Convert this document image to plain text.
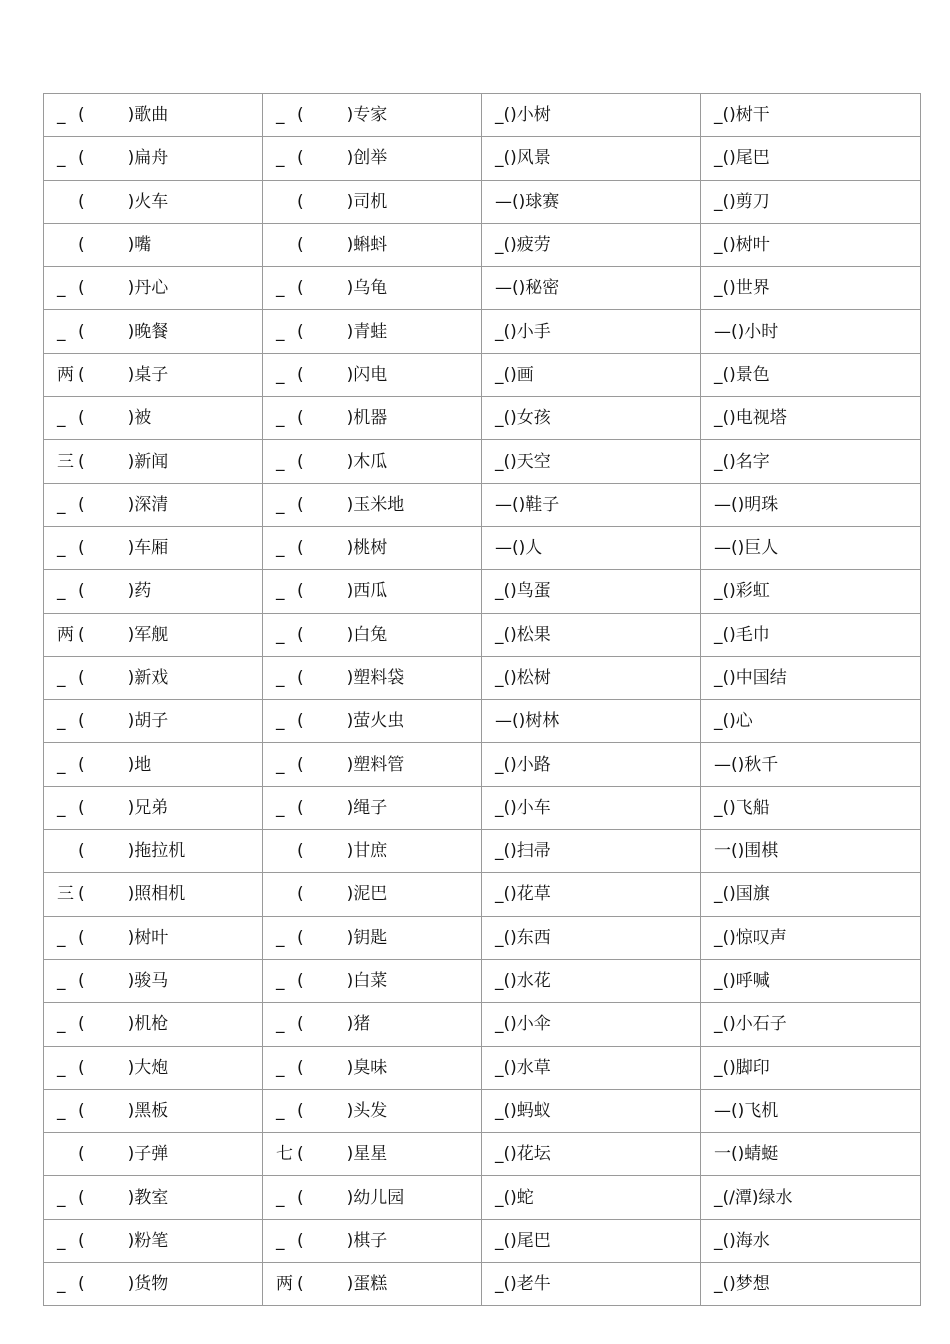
_ ( )歌曲	_ ( )专家	_()小树	_()树干
_ ( )扁舟	_ ( )创举	_()风景	_()尾巴
( )火车	( )司机	—()球赛	_()剪刀
( )嘴	( )蝌蚪	_()疲劳	_()树叶
_ ( )丹心	_ ( )乌龟	—()秘密	_()世界
_ ( )晚餐	_ ( )青蛙	_()小手	—()小时
两 ( )桌子	_ ( )闪电	_()画	_()景色
_ ( )被	_ ( )机器	_()女孩	_()电视塔
三 ( )新闻	_ ( )木瓜	_()天空	_()名字
_ ( )深清	_ ( )玉米地	—()鞋子	—()明珠
_ ( )车厢	_ ( )桃树	—()人	—()巨人
_ ( )药	_ ( )西瓜	_()鸟蛋	_()彩虹
两 ( )军舰	_ ( )白兔	_()松果	_()毛巾
_ ( )新戏	_ ( )塑料袋	_()松树	_()中国结
_ ( )胡子	_ ( )萤火虫	—()树林	_()心
_ ( )地	_ ( )塑料管	_()小路	—()秋千
_ ( )兄弟	_ ( )绳子	_()小车	_()飞船
( )拖拉机	( )甘庶	_()扫帚	一()围棋
三 ( )照相机	( )泥巴	_()花草	_()国旗
_ ( )树叶	_ ( )钥匙	_()东西	_()惊叹声
_ ( )骏马	_ ( )白菜	_()水花	_()呼喊
_ ( )机枪	_ ( )猪	_()小伞	_()小石子
_ ( )大炮	_ ( )臭味	_()水草	_()脚印
_ ( )黑板	_ ( )头发	_()蚂蚁	—()飞机
( )子弹	七 ( )星星	_()花坛	一()蜻蜓
_ ( )教室	_ ( )幼儿园	_()蛇	_(/潭)绿水
_ ( )粉笔	_ ( )棋子	_()尾巴	_()海水
_ ( )货物	两 ( )蛋糕	_()老牛	_()梦想
